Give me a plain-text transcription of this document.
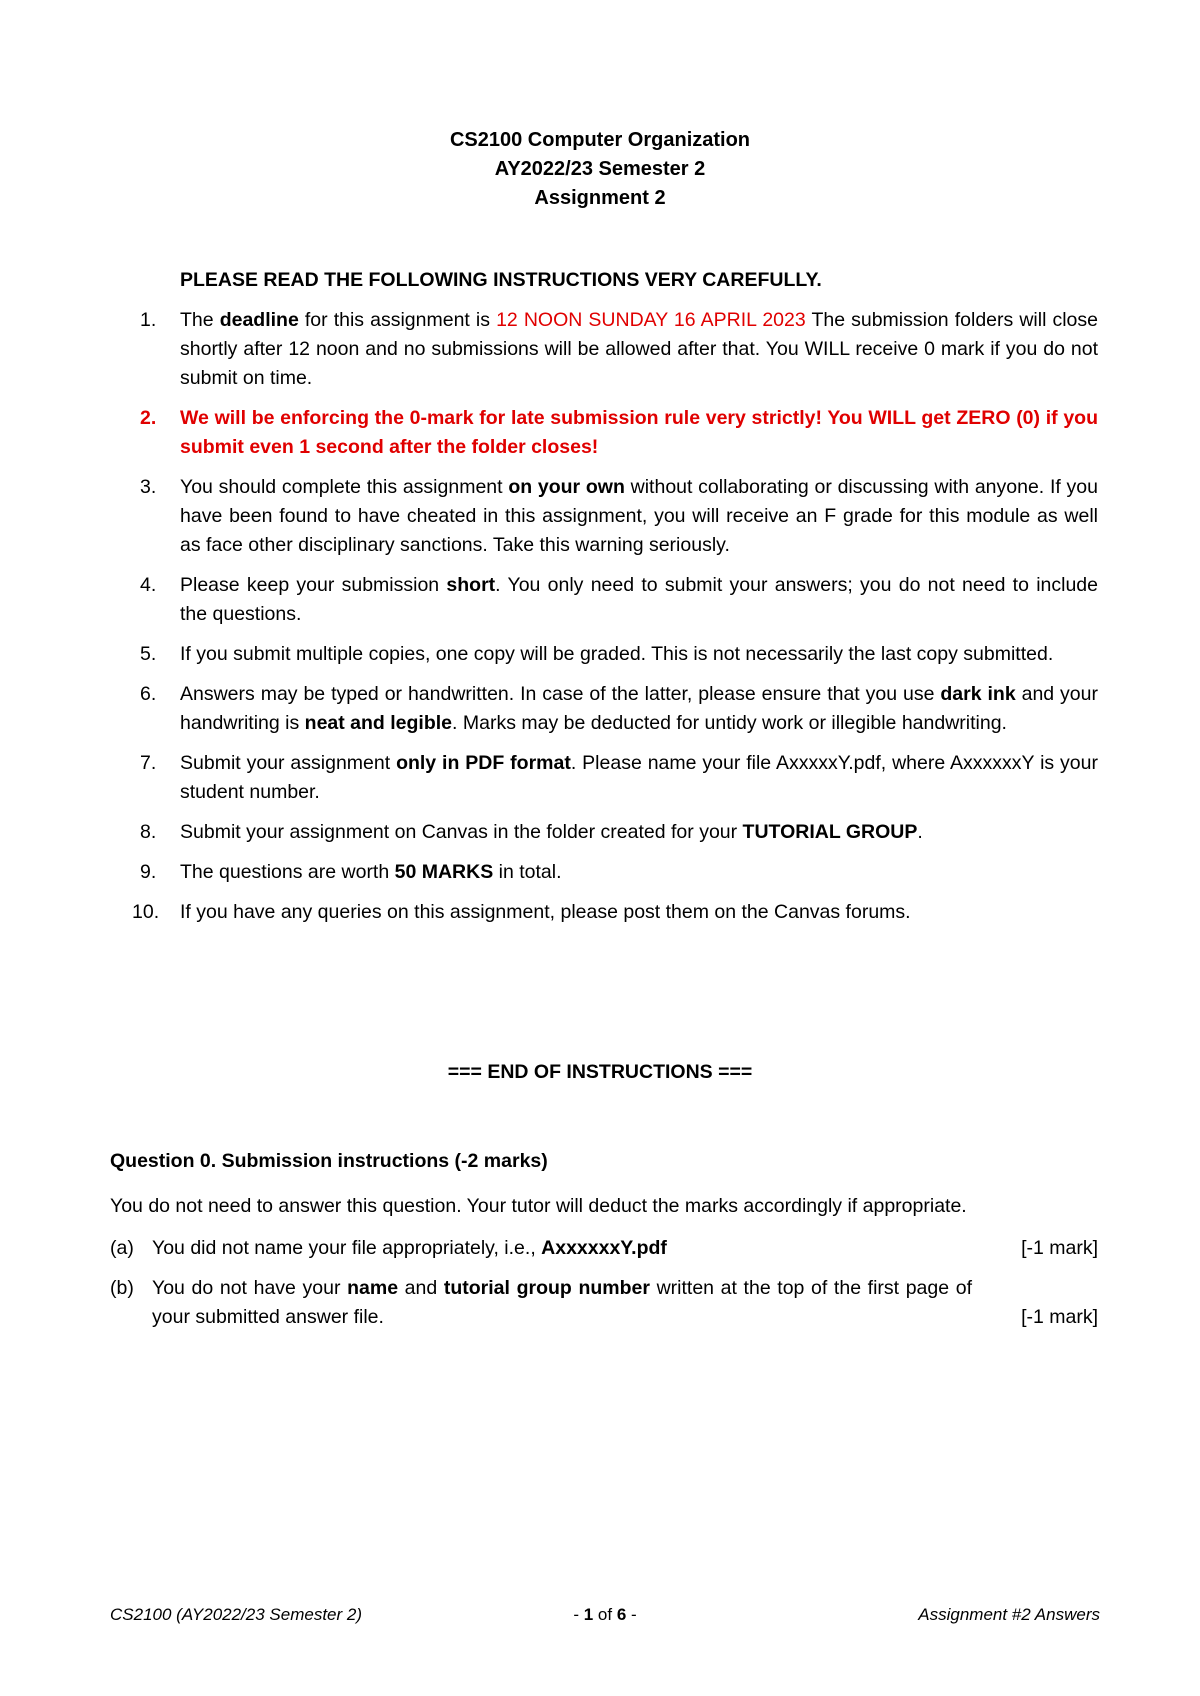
CS2100 Computer Organization
AY2022/23 Semester 2
Assignment 2
PLEASE READ THE FOLLOWING INSTRUCTIONS VERY CAREFULLY.
1.	The deadline for this assignment is 12 NOON SUNDAY 16 APRIL 2023 The submission folders will close shortly after 12 noon and no submissions will be allowed after that. You WILL receive 0 mark if you do not submit on time.
2.	We will be enforcing the 0-mark for late submission rule very strictly! You WILL get ZERO (0) if you submit even 1 second after the folder closes!
3.	You should complete this assignment on your own without collaborating or discussing with anyone. If you have been found to have cheated in this assignment, you will receive an F grade for this module as well as face other disciplinary sanctions. Take this warning seriously.
4.	Please keep your submission short. You only need to submit your answers; you do not need to include the questions.
5.	If you submit multiple copies, one copy will be graded. This is not necessarily the last copy submitted.
6.	Answers may be typed or handwritten. In case of the latter, please ensure that you use dark ink and your handwriting is neat and legible. Marks may be deducted for untidy work or illegible handwriting.
7.	Submit your assignment only in PDF format. Please name your file AxxxxxY.pdf, where AxxxxxxY is your student number.
8.	Submit your assignment on Canvas in the folder created for your TUTORIAL GROUP.
9.	The questions are worth 50 MARKS in total.
10.	If you have any queries on this assignment, please post them on the Canvas forums.
=== END OF INSTRUCTIONS ===
Question 0. Submission instructions (-2 marks)
You do not need to answer this question. Your tutor will deduct the marks accordingly if appropriate.
(a) You did not name your file appropriately, i.e., AxxxxxxY.pdf	[-1 mark]
(b) You do not have your name and tutorial group number written at the top of the first page of your submitted answer file.	[-1 mark]
CS2100 (AY2022/23 Semester 2)	- 1 of 6 -	Assignment #2 Answers
